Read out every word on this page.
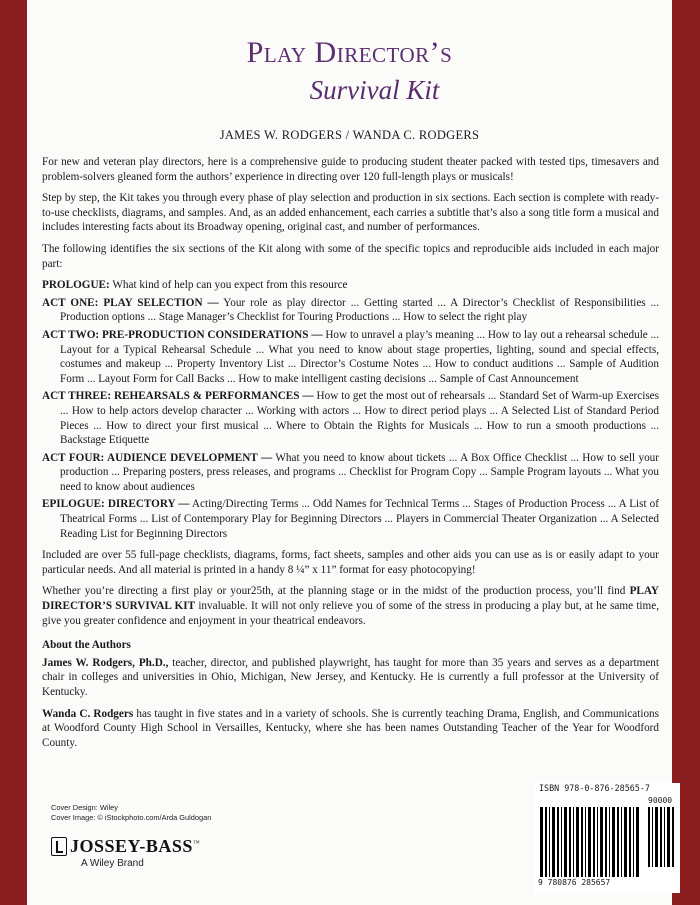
Play Director’s
Survival Kit
JAMES W. RODGERS / WANDA C. RODGERS

For new and veteran play directors, here is a comprehensive guide to producing student theater packed with tested tips, timesavers and problem-solvers gleaned form the authors’ experience in directing over 120 full-length plays or musicals!

Step by step, the Kit takes you through every phase of play selection and production in six sections. Each section is complete with ready-to-use checklists, diagrams, and samples. And, as an added enhancement, each carries a subtitle that’s also a song title form a musical and includes interesting facts about its Broadway opening, original cast, and number of performances.

The following identifies the six sections of the Kit along with some of the specific topics and reproducible aids included in each major part:

PROLOGUE: What kind of help can you expect from this resource
ACT ONE: PLAY SELECTION — Your role as play director ... Getting started ... A Director’s Checklist of Responsibilities ... Production options ... Stage Manager’s Checklist for Touring Productions ... How to select the right play
ACT TWO: PRE-PRODUCTION CONSIDERATIONS — How to unravel a play’s meaning ... How to lay out a rehearsal schedule ... Layout for a Typical Rehearsal Schedule ... What you need to know about stage properties, lighting, sound and special effects, costumes and makeup ... Property Inventory List ... Director’s Costume Notes ... How to conduct auditions ... Sample of Audition Form ... Layout Form for Call Backs ... How to make intelligent casting decisions ... Sample of Cast Announcement
ACT THREE: REHEARSALS & PERFORMANCES — How to get the most out of rehearsals ... Standard Set of Warm-up Exercises ... How to help actors develop character ... Working with actors ... How to direct period plays ... A Selected List of Standard Period Pieces ... How to direct your first musical ... Where to Obtain the Rights for Musicals ... How to run a smooth productions ... Backstage Etiquette
ACT FOUR: AUDIENCE DEVELOPMENT — What you need to know about tickets ... A Box Office Checklist ... How to sell your production ... Preparing posters, press releases, and programs ... Checklist for Program Copy ... Sample Program layouts ... What you need to know about audiences
EPILOGUE: DIRECTORY — Acting/Directing Terms ... Odd Names for Technical Terms ... Stages of Production Process ... A List of Theatrical Forms ... List of Contemporary Play for Beginning Directors ... Players in Commercial Theater Organization ... A Selected Reading List for Beginning Directors

Included are over 55 full-page checklists, diagrams, forms, fact sheets, samples and other aids you can use as is or easily adapt to your particular needs. And all material is printed in a handy 8 ¼” x 11” format for easy photocopying!

Whether you’re directing a first play or your25th, at the planning stage or in the midst of the production process, you’ll find PLAY DIRECTOR’S SURVIVAL KIT invaluable. It will not only relieve you of some of the stress in producing a play but, at he same time, give you greater confidence and enjoyment in your theatrical endeavors.

About the Authors

James W. Rodgers, Ph.D., teacher, director, and published playwright, has taught for more than 35 years and serves as a department chair in colleges and universities in Ohio, Michigan, New Jersey, and Kentucky. He is currently a full professor at the University of Kentucky.

Wanda C. Rodgers has taught in five states and in a variety of schools. She is currently teaching Drama, English, and Communications at Woodford County High School in Versailles, Kentucky, where she has been names Outstanding Teacher of the Year for Woodford County.

Cover Design: Wiley
Cover Image: © iStockphoto.com/Arda Guldogan
JOSSEY-BASS ™
A Wiley Brand
ISBN 978-0-876-28565-7
90000
9 780876 285657
